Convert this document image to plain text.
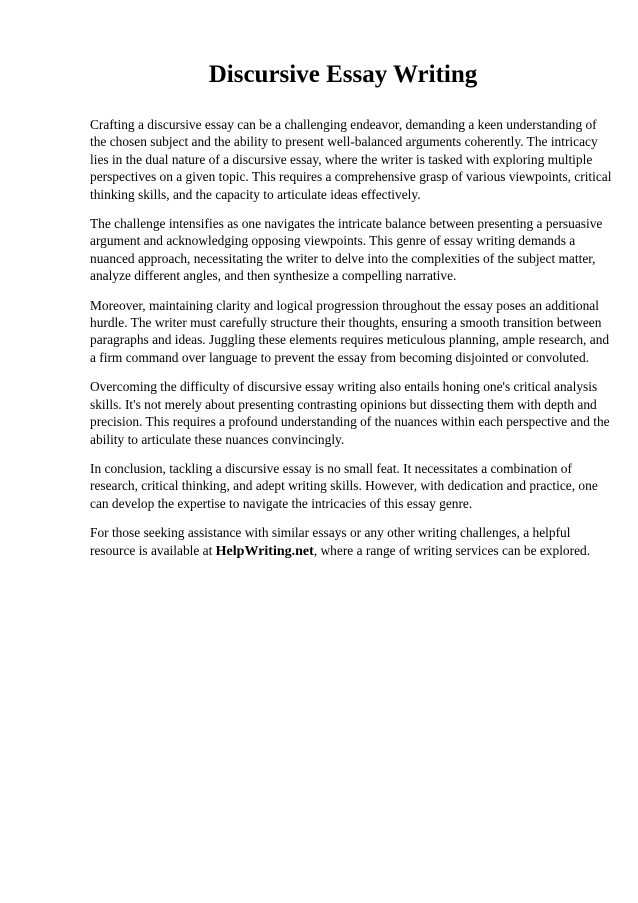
Discursive Essay Writing

Crafting a discursive essay can be a challenging endeavor, demanding a keen understanding of
the chosen subject and the ability to present well-balanced arguments coherently. The intricacy
lies in the dual nature of a discursive essay, where the writer is tasked with exploring multiple
perspectives on a given topic. This requires a comprehensive grasp of various viewpoints, critical
thinking skills, and the capacity to articulate ideas effectively.

The challenge intensifies as one navigates the intricate balance between presenting a persuasive
argument and acknowledging opposing viewpoints. This genre of essay writing demands a
nuanced approach, necessitating the writer to delve into the complexities of the subject matter,
analyze different angles, and then synthesize a compelling narrative.

Moreover, maintaining clarity and logical progression throughout the essay poses an additional
hurdle. The writer must carefully structure their thoughts, ensuring a smooth transition between
paragraphs and ideas. Juggling these elements requires meticulous planning, ample research, and
a firm command over language to prevent the essay from becoming disjointed or convoluted.

Overcoming the difficulty of discursive essay writing also entails honing one's critical analysis
skills. It's not merely about presenting contrasting opinions but dissecting them with depth and
precision. This requires a profound understanding of the nuances within each perspective and the
ability to articulate these nuances convincingly.

In conclusion, tackling a discursive essay is no small feat. It necessitates a combination of
research, critical thinking, and adept writing skills. However, with dedication and practice, one
can develop the expertise to navigate the intricacies of this essay genre.

For those seeking assistance with similar essays or any other writing challenges, a helpful
resource is available at HelpWriting.net, where a range of writing services can be explored.
